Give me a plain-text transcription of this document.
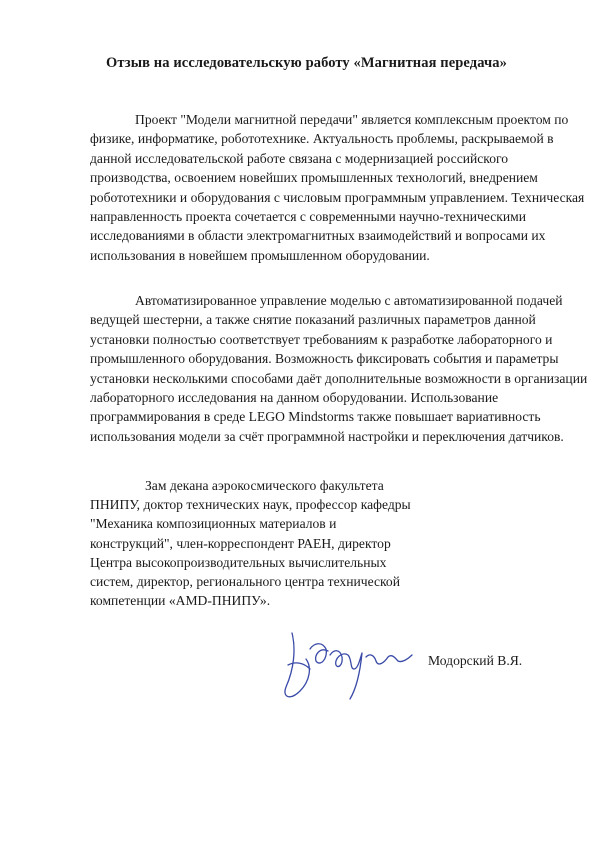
Отзыв на исследовательскую работу «Магнитная передача»

Проект "Модели магнитной передачи" является комплексным проектом по физике, информатике, робототехнике. Актуальность проблемы, раскрываемой в данной исследовательской работе связана с модернизацией российского производства, освоением новейших промышленных технологий, внедрением робототехники и оборудования с числовым программным управлением. Техническая направленность проекта сочетается с современными научно-техническими исследованиями в области электромагнитных взаимодействий и вопросами их использования в новейшем промышленном оборудовании.

Автоматизированное управление моделью с автоматизированной подачей ведущей шестерни, а также снятие показаний различных параметров данной установки полностью соответствует требованиям к разработке лабораторного и промышленного оборудования. Возможность фиксировать события и параметры установки несколькими способами даёт дополнительные возможности в организации лабораторного исследования на данном оборудовании. Использование программирования в среде LEGO Mindstorms также повышает вариативность использования модели за счёт программной настройки и переключения датчиков.

Зам декана аэрокосмического факультета
ПНИПУ, доктор технических наук, профессор кафедры
"Механика композиционных материалов и
конструкций", член-корреспондент РАЕН, директор
Центра высокопроизводительных вычислительных
систем, директор, регионального центра технической
компетенции «AMD-ПНИПУ».
Модорский В.Я.
